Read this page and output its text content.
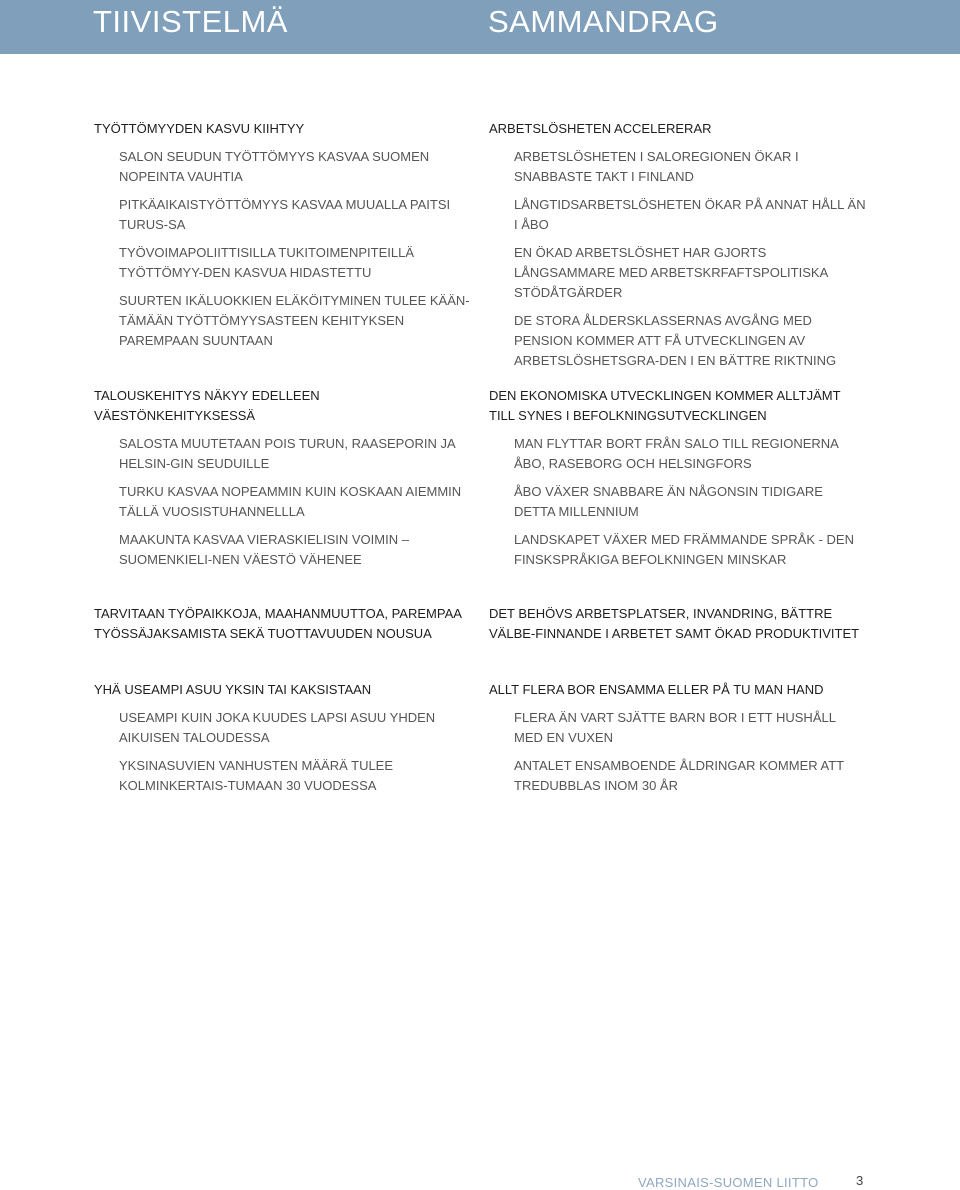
TIIVISTELMÄ	SAMMANDRAG
TYÖTTÖMYYDEN KASVU KIIHTYY
SALON SEUDUN TYÖTTÖMYYS KASVAA SUOMEN NOPEINTA VAUHTIA
PITKÄAIKAISTYÖTTÖMYYS KASVAA MUUALLA PAITSI TURUS-SA
TYÖVOIMAPOLIITTISILLA TUKITOIMENPITEILLÄ TYÖTTÖMYY-DEN KASVUA HIDASTETTU
SUURTEN IKÄLUOKKIEN ELÄKÖITYMINEN TULEE KÄÄN-TÄMÄÄN TYÖTTÖMYYSASTEEN KEHITYKSEN PAREMPAAN SUUNTAAN
ARBETSLÖSHETEN ACCELERERAR
ARBETSLÖSHETEN I SALOREGIONEN ÖKAR I SNABBASTE TAKT I FINLAND
LÅNGTIDSARBETSLÖSHETEN ÖKAR PÅ ANNAT HÅLL ÄN I ÅBO
EN ÖKAD ARBETSLÖSHET HAR GJORTS LÅNGSAMMARE MED ARBETSKRFAFTSPOLITISKA STÖDÅTGÄRDER
DE STORA ÅLDERSKLASSERNAS AVGÅNG MED PENSION KOMMER ATT FÅ UTVECKLINGEN AV ARBETSLÖSHETSGRA-DEN I EN BÄTTRE RIKTNING
TALOUSKEHITYS NÄKYY EDELLEEN VÄESTÖNKEHITYKSESSÄ
SALOSTA MUUTETAAN POIS TURUN, RAASEPORIN JA HELSIN-GIN SEUDUILLE
TURKU KASVAA NOPEAMMIN KUIN KOSKAAN AIEMMIN TÄLLÄ VUOSISTUHANNELLLA
MAAKUNTA KASVAA VIERASKIELISIN VOIMIN – SUOMENKIELI-NEN VÄESTÖ VÄHENEE
DEN EKONOMISKA UTVECKLINGEN KOMMER ALLTJÄMT TILL SYNES I BEFOLKNINGSUTVECKLINGEN
MAN FLYTTAR BORT FRÅN SALO TILL REGIONERNA ÅBO, RASEBORG OCH HELSINGFORS
ÅBO VÄXER SNABBARE ÄN NÅGONSIN TIDIGARE DETTA MILLENNIUM
LANDSKAPET VÄXER MED FRÄMMANDE SPRÅK - DEN FINSKSPRÅKIGA BEFOLKNINGEN MINSKAR
TARVITAAN TYÖPAIKKOJA, MAAHANMUUTTOA, PAREMPAA TYÖSSÄJAKSAMISTA SEKÄ TUOTTAVUUDEN NOUSUA
DET BEHÖVS ARBETSPLATSER, INVANDRING, BÄTTRE VÄLBE-FINNANDE I ARBETET SAMT ÖKAD PRODUKTIVITET
YHÄ USEAMPI ASUU YKSIN TAI KAKSISTAAN
USEAMPI KUIN JOKA KUUDES LAPSI ASUU YHDEN AIKUISEN TALOUDESSA
YKSINASUVIEN VANHUSTEN MÄÄRÄ TULEE KOLMINKERTAIS-TUMAAN 30 VUODESSA
ALLT FLERA BOR ENSAMMA ELLER PÅ TU MAN HAND
FLERA ÄN VART SJÄTTE BARN BOR I ETT HUSHÅLL MED EN VUXEN
ANTALET ENSAMBOENDE ÅLDRINGAR KOMMER ATT TREDUBBLAS INOM 30 ÅR
VARSINAIS-SUOMEN LIITTO	3
